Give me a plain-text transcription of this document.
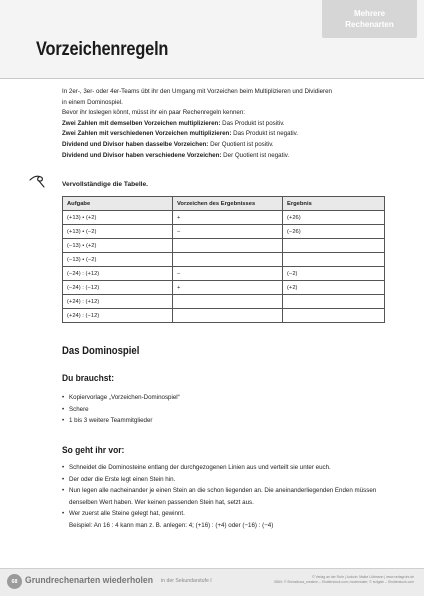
Mehrere
Rechenarten
Vorzeichenregeln

In 2er-, 3er- oder 4er-Teams übt ihr den Umgang mit Vorzeichen beim Multiplizieren und Dividieren

in einem Dominospiel.

Bevor ihr loslegen könnt, müsst ihr ein paar Rechenregeln kennen:

Zwei Zahlen mit demselben Vorzeichen multiplizieren: Das Produkt ist positiv.

Zwei Zahlen mit verschiedenen Vorzeichen multiplizieren: Das Produkt ist negativ.

Dividend und Divisor haben dasselbe Vorzeichen: Der Quotient ist positiv.

Dividend und Divisor haben verschiedene Vorzeichen: Der Quotient ist negativ.

Vervollständige die Tabelle.
Aufgabe	Vorzeichen des Ergebnisses	Ergebnis
(+13) • (+2)	+	(+26)
(+13) • (−2)	−	(−26)
(−13) • (+2)		
(−13) • (−2)		
(−24) : (+12)	−	(−2)
(−24) : (−12)	+	(+2)
(+24) : (+12)		
(+24) : (−12)		
Das Dominospiel
Du brauchst:
• Kopiervorlage „Vorzeichen-Dominospiel“
• Schere
• 1 bis 3 weitere Teammitglieder
So geht ihr vor:
• Schneidet die Dominosteine entlang der durchgezogenen Linien aus und verteilt sie unter euch.
• Der oder die Erste legt einen Stein hin.
• Nun legen alle nacheinander je einen Stein an die schon liegenden an. Die aneinanderliegenden Enden müssen
denselben Wert haben. Wer keinen passenden Stein hat, setzt aus.
• Wer zuerst alle Steine gelegt hat, gewinnt.
Beispiel: An 16 : 4 kann man z. B. anlegen: 4; (+16) : (+4) oder (−16) : (−4)
68 Grundrechenarten wiederholen in der Sekundarstufe I
© Verlag an der Ruhr | Autorin: Maike Lüttmann | www.verlagruhr.de
ISBN: © Shmalkova_creative – Shutterstock.com; moderwaler; © svilgale – Shutterstock.com
